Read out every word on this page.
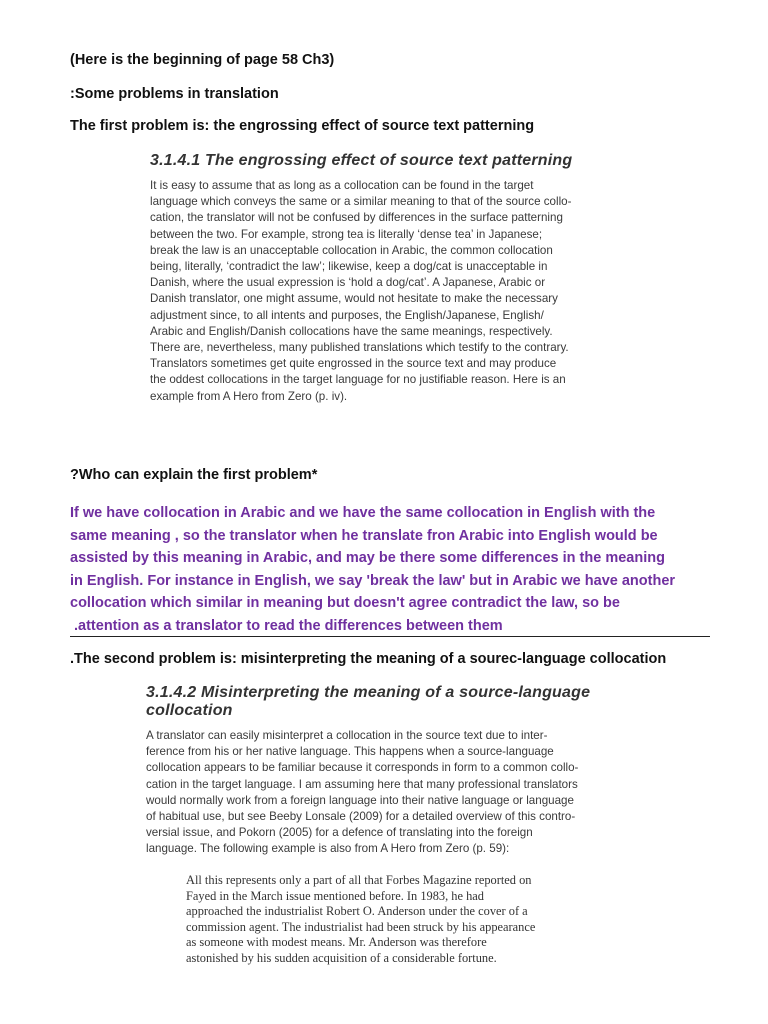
(Here is the beginning of page 58 Ch3)
:Some problems in translation
The first problem is: the engrossing effect of source text patterning
3.1.4.1 The engrossing effect of source text patterning

It is easy to assume that as long as a collocation can be found in the target

language which conveys the same or a similar meaning to that of the source collo-

cation, the translator will not be confused by differences in the surface patterning

between the two. For example, strong tea is literally ‘dense tea’ in Japanese;

break the law is an unacceptable collocation in Arabic, the common collocation

being, literally, ‘contradict the law’; likewise, keep a dog/cat is unacceptable in

Danish, where the usual expression is ‘hold a dog/cat’. A Japanese, Arabic or

Danish translator, one might assume, would not hesitate to make the necessary

adjustment since, to all intents and purposes, the English/Japanese, English/

Arabic and English/Danish collocations have the same meanings, respectively.

There are, nevertheless, many published translations which testify to the contrary.

Translators sometimes get quite engrossed in the source text and may produce

the oddest collocations in the target language for no justifiable reason. Here is an

example from A Hero from Zero (p. iv).

?Who can explain the first problem*
If we have collocation in Arabic and we have the same collocation in English with the
same meaning , so the translator when he translate fron Arabic into English would be
assisted by this meaning in Arabic, and may be there some differences in the meaning
in English. For instance in English, we say 'break the law' but in Arabic we have another
collocation which similar in meaning but doesn't agree contradict the law, so be
.attention as a translator to read the differences between them
.The second problem is: misinterpreting the meaning of a sourec-language collocation
3.1.4.2 Misinterpreting the meaning of a source-language
collocation

A translator can easily misinterpret a collocation in the source text due to inter-

ference from his or her native language. This happens when a source-language

collocation appears to be familiar because it corresponds in form to a common collo-

cation in the target language. I am assuming here that many professional translators

would normally work from a foreign language into their native language or language

of habitual use, but see Beeby Lonsale (2009) for a detailed overview of this contro-

versial issue, and Pokorn (2005) for a defence of translating into the foreign

language. The following example is also from A Hero from Zero (p. 59):

All this represents only a part of all that Forbes Magazine reported on
Fayed in the March issue mentioned before. In 1983, he had
approached the industrialist Robert O. Anderson under the cover of a
commission agent. The industrialist had been struck by his appearance
as someone with modest means. Mr. Anderson was therefore
astonished by his sudden acquisition of a considerable fortune.
